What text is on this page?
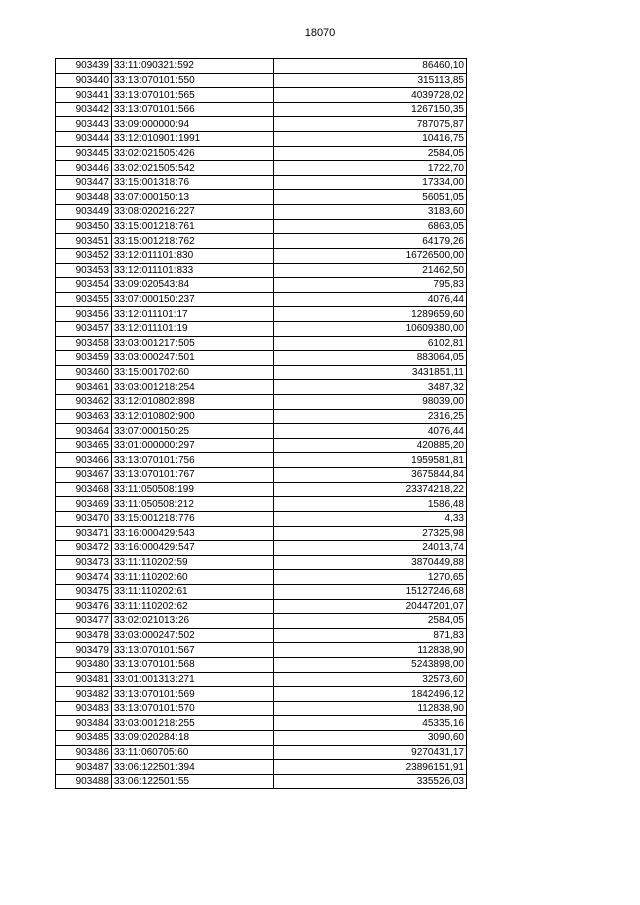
18070
903439	33:11:090321:592	86460,10
903440	33:13:070101:550	315113,85
903441	33:13:070101:565	4039728,02
903442	33:13:070101:566	1267150,35
903443	33:09:000000:94	787075,87
903444	33:12:010901:1991	10416,75
903445	33:02:021505:426	2584,05
903446	33:02:021505:542	1722,70
903447	33:15:001318:76	17334,00
903448	33:07:000150:13	56051,05
903449	33:08:020216:227	3183,60
903450	33:15:001218:761	6863,05
903451	33:15:001218:762	64179,26
903452	33:12:011101:830	16726500,00
903453	33:12:011101:833	21462,50
903454	33:09:020543:84	795,83
903455	33:07:000150:237	4076,44
903456	33:12:011101:17	1289659,60
903457	33:12:011101:19	10609380,00
903458	33:03:001217:505	6102,81
903459	33:03:000247:501	883064,05
903460	33:15:001702:60	3431851,11
903461	33:03:001218:254	3487,32
903462	33:12:010802:898	98039,00
903463	33:12:010802:900	2316,25
903464	33:07:000150:25	4076,44
903465	33:01:000000:297	420885,20
903466	33:13:070101:756	1959581,81
903467	33:13:070101:767	3675844,84
903468	33:11:050508:199	23374218,22
903469	33:11:050508:212	1586,48
903470	33:15:001218:776	4,33
903471	33:16:000429:543	27325,98
903472	33:16:000429:547	24013,74
903473	33:11:110202:59	3870449,88
903474	33:11:110202:60	1270,65
903475	33:11:110202:61	15127246,68
903476	33:11:110202:62	20447201,07
903477	33:02:021013:26	2584,05
903478	33:03:000247:502	871,83
903479	33:13:070101:567	112838,90
903480	33:13:070101:568	5243898,00
903481	33:01:001313:271	32573,60
903482	33:13:070101:569	1842496,12
903483	33:13:070101:570	112838,90
903484	33:03:001218:255	45335,16
903485	33:09:020284:18	3090,60
903486	33:11:060705:60	9270431,17
903487	33:06:122501:394	23896151,91
903488	33:06:122501:55	335526,03
